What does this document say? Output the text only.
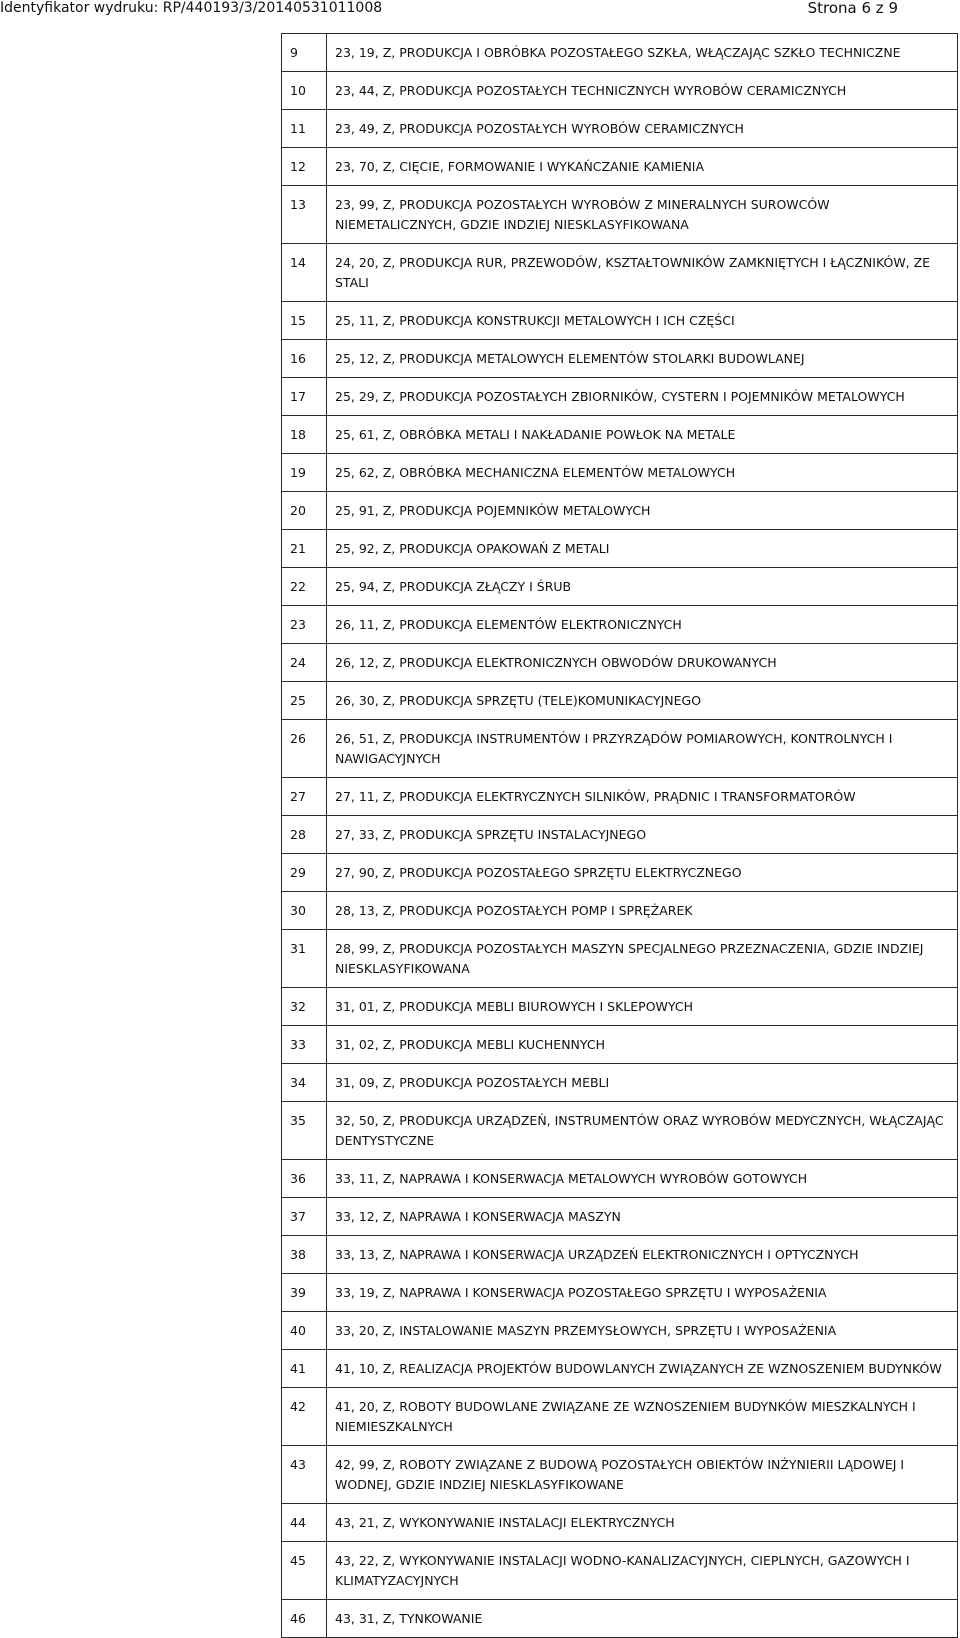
Identyfikator wydruku: RP/440193/3/20140531011008	Strona 6 z 9
9	23, 19, Z, PRODUKCJA I OBRÓBKA POZOSTAŁEGO SZKŁA, WŁĄCZAJĄC SZKŁO TECHNICZNE
10	23, 44, Z, PRODUKCJA POZOSTAŁYCH TECHNICZNYCH WYROBÓW CERAMICZNYCH
11	23, 49, Z, PRODUKCJA POZOSTAŁYCH WYROBÓW CERAMICZNYCH
12	23, 70, Z, CIĘCIE, FORMOWANIE I WYKAŃCZANIE KAMIENIA
13	23, 99, Z, PRODUKCJA POZOSTAŁYCH WYROBÓW Z MINERALNYCH SUROWCÓW NIEMETALICZNYCH, GDZIE INDZIEJ NIESKLASYFIKOWANA
14	24, 20, Z, PRODUKCJA RUR, PRZEWODÓW, KSZTAŁTOWNIKÓW ZAMKNIĘTYCH I ŁĄCZNIKÓW, ZE STALI
15	25, 11, Z, PRODUKCJA KONSTRUKCJI METALOWYCH I ICH CZĘŚCI
16	25, 12, Z, PRODUKCJA METALOWYCH ELEMENTÓW STOLARKI BUDOWLANEJ
17	25, 29, Z, PRODUKCJA POZOSTAŁYCH ZBIORNIKÓW, CYSTERN I POJEMNIKÓW METALOWYCH
18	25, 61, Z, OBRÓBKA METALI I NAKŁADANIE POWŁOK NA METALE
19	25, 62, Z, OBRÓBKA MECHANICZNA ELEMENTÓW METALOWYCH
20	25, 91, Z, PRODUKCJA POJEMNIKÓW METALOWYCH
21	25, 92, Z, PRODUKCJA OPAKOWAŃ Z METALI
22	25, 94, Z, PRODUKCJA ZŁĄCZY I ŚRUB
23	26, 11, Z, PRODUKCJA ELEMENTÓW ELEKTRONICZNYCH
24	26, 12, Z, PRODUKCJA ELEKTRONICZNYCH OBWODÓW DRUKOWANYCH
25	26, 30, Z, PRODUKCJA SPRZĘTU (TELE)KOMUNIKACYJNEGO
26	26, 51, Z, PRODUKCJA INSTRUMENTÓW I PRZYRZĄDÓW POMIAROWYCH, KONTROLNYCH I NAWIGACYJNYCH
27	27, 11, Z, PRODUKCJA ELEKTRYCZNYCH SILNIKÓW, PRĄDNIC I TRANSFORMATORÓW
28	27, 33, Z, PRODUKCJA SPRZĘTU INSTALACYJNEGO
29	27, 90, Z, PRODUKCJA POZOSTAŁEGO SPRZĘTU ELEKTRYCZNEGO
30	28, 13, Z, PRODUKCJA POZOSTAŁYCH POMP I SPRĘŻAREK
31	28, 99, Z, PRODUKCJA POZOSTAŁYCH MASZYN SPECJALNEGO PRZEZNACZENIA, GDZIE INDZIEJ NIESKLASYFIKOWANA
32	31, 01, Z, PRODUKCJA MEBLI BIUROWYCH I SKLEPOWYCH
33	31, 02, Z, PRODUKCJA MEBLI KUCHENNYCH
34	31, 09, Z, PRODUKCJA POZOSTAŁYCH MEBLI
35	32, 50, Z, PRODUKCJA URZĄDZEŃ, INSTRUMENTÓW ORAZ WYROBÓW MEDYCZNYCH, WŁĄCZAJĄC DENTYSTYCZNE
36	33, 11, Z, NAPRAWA I KONSERWACJA METALOWYCH WYROBÓW GOTOWYCH
37	33, 12, Z, NAPRAWA I KONSERWACJA MASZYN
38	33, 13, Z, NAPRAWA I KONSERWACJA URZĄDZEŃ ELEKTRONICZNYCH I OPTYCZNYCH
39	33, 19, Z, NAPRAWA I KONSERWACJA POZOSTAŁEGO SPRZĘTU I WYPOSAŻENIA
40	33, 20, Z, INSTALOWANIE MASZYN PRZEMYSŁOWYCH, SPRZĘTU I WYPOSAŻENIA
41	41, 10, Z, REALIZACJA PROJEKTÓW BUDOWLANYCH ZWIĄZANYCH ZE WZNOSZENIEM BUDYNKÓW
42	41, 20, Z, ROBOTY BUDOWLANE ZWIĄZANE ZE WZNOSZENIEM BUDYNKÓW MIESZKALNYCH I NIEMIESZKALNYCH
43	42, 99, Z, ROBOTY ZWIĄZANE Z BUDOWĄ POZOSTAŁYCH OBIEKTÓW INŻYNIERII LĄDOWEJ I WODNEJ, GDZIE INDZIEJ NIESKLASYFIKOWANE
44	43, 21, Z, WYKONYWANIE INSTALACJI ELEKTRYCZNYCH
45	43, 22, Z, WYKONYWANIE INSTALACJI WODNO-KANALIZACYJNYCH, CIEPLNYCH, GAZOWYCH I KLIMATYZACYJNYCH
46	43, 31, Z, TYNKOWANIE
